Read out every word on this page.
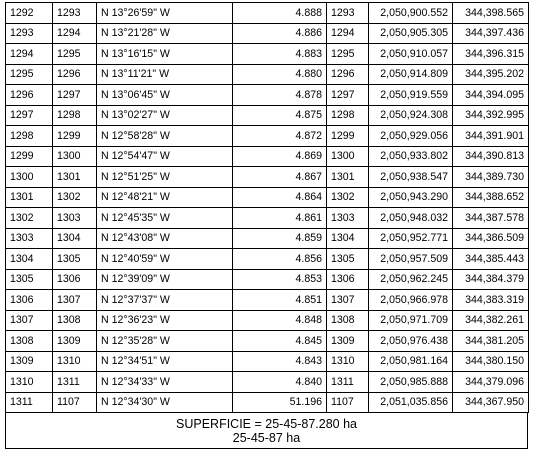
1292	1293	N 13°26'59" W	4.888	1293	2,050,900.552	344,398.565
1293	1294	N 13°21'28" W	4.886	1294	2,050,905.305	344,397.436
1294	1295	N 13°16'15" W	4.883	1295	2,050,910.057	344,396.315
1295	1296	N 13°11'21" W	4.880	1296	2,050,914.809	344,395.202
1296	1297	N 13°06'45" W	4.878	1297	2,050,919.559	344,394.095
1297	1298	N 13°02'27" W	4.875	1298	2,050,924.308	344,392.995
1298	1299	N 12°58'28" W	4.872	1299	2,050,929.056	344,391.901
1299	1300	N 12°54'47" W	4.869	1300	2,050,933.802	344,390.813
1300	1301	N 12°51'25" W	4.867	1301	2,050,938.547	344,389.730
1301	1302	N 12°48'21" W	4.864	1302	2,050,943.290	344,388.652
1302	1303	N 12°45'35" W	4.861	1303	2,050,948.032	344,387.578
1303	1304	N 12°43'08" W	4.859	1304	2,050,952.771	344,386.509
1304	1305	N 12°40'59" W	4.856	1305	2,050,957.509	344,385.443
1305	1306	N 12°39'09" W	4.853	1306	2,050,962.245	344,384.379
1306	1307	N 12°37'37" W	4.851	1307	2,050,966.978	344,383.319
1307	1308	N 12°36'23" W	4.848	1308	2,050,971.709	344,382.261
1308	1309	N 12°35'28" W	4.845	1309	2,050,976.438	344,381.205
1309	1310	N 12°34'51" W	4.843	1310	2,050,981.164	344,380.150
1310	1311	N 12°34'33" W	4.840	1311	2,050,985.888	344,379.096
1311	1107	N 12°34'30" W	51.196	1107	2,051,035.856	344,367.950
SUPERFICIE = 25-45-87.280 ha
25-45-87 ha
